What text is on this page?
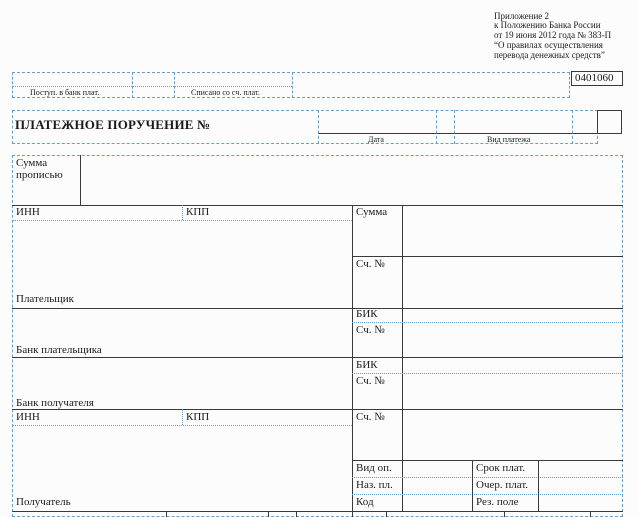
Приложение 2
к Положению Банка России
от 19 июня 2012 года № 383-П
“О правилах осуществления
перевода денежных средств”
Поступ. в банк плат.	Списано со сч. плат.
0401060
ПЛАТЕЖНОЕ ПОРУЧЕНИЕ №
Дата	Вид платежа
Сумма прописью
ИНН	КПП	Сумма
Сч. №
Плательщик
БИК
Сч. №
Банк плательщика
БИК
Сч. №
Банк получателя
ИНН	КПП	Сч. №
Получатель
Вид оп.	Срок плат.
Наз. пл.	Очер. плат.
Код	Рез. поле
